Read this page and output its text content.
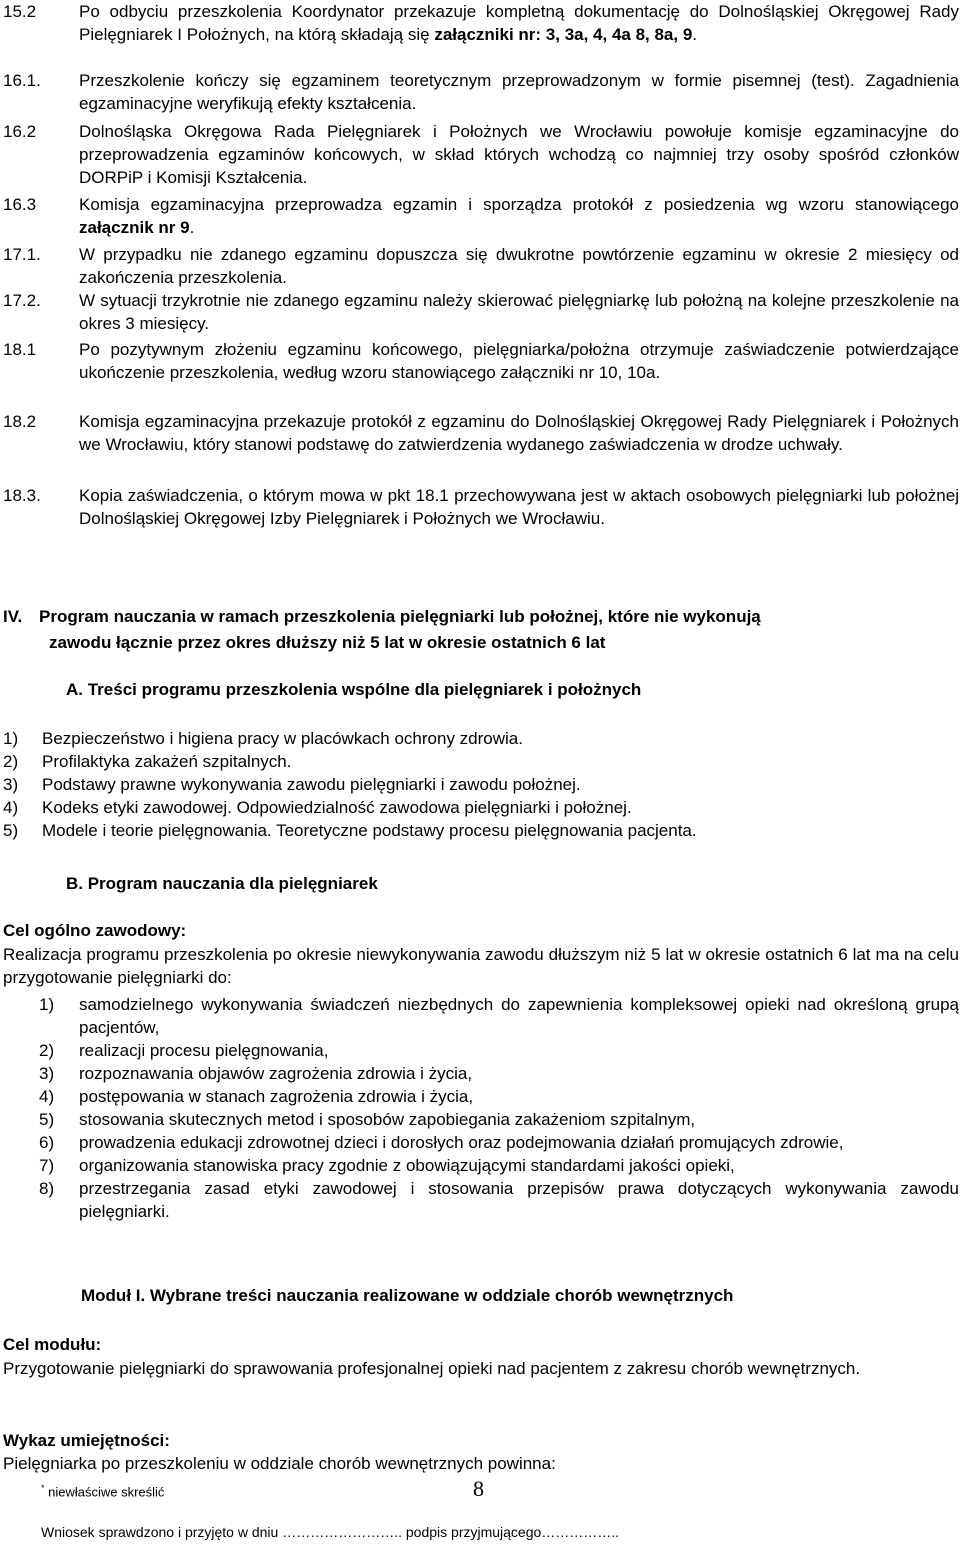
15.2	Po odbyciu przeszkolenia Koordynator przekazuje kompletną dokumentację do Dolnośląskiej Okręgowej Rady Pielęgniarek I Położnych, na którą składają się załączniki nr: 3, 3a, 4, 4a 8, 8a, 9.
16.1. Przeszkolenie kończy się egzaminem teoretycznym przeprowadzonym w formie pisemnej (test). Zagadnienia egzaminacyjne weryfikują efekty kształcenia.
16.2	Dolnośląska Okręgowa Rada Pielęgniarek i Położnych we Wrocławiu powołuje komisje egzaminacyjne do przeprowadzenia egzaminów końcowych, w skład których wchodzą co najmniej trzy osoby spośród członków DORPiP i Komisji Kształcenia.
16.3	Komisja egzaminacyjna przeprowadza egzamin i sporządza protokół z posiedzenia wg wzoru stanowiącego załącznik nr 9.
17.1. W przypadku nie zdanego egzaminu dopuszcza się dwukrotne powtórzenie egzaminu w okresie 2 miesięcy od zakończenia przeszkolenia.
17.2. W sytuacji trzykrotnie nie zdanego egzaminu należy skierować pielęgniarkę lub położną na kolejne przeszkolenie na okres 3 miesięcy.
18.1	Po pozytywnym złożeniu egzaminu końcowego, pielęgniarka/położna otrzymuje zaświadczenie potwierdzające ukończenie przeszkolenia, według wzoru stanowiącego załączniki nr 10, 10a.
18.2	Komisja egzaminacyjna przekazuje protokół z egzaminu do Dolnośląskiej Okręgowej Rady Pielęgniarek i Położnych we Wrocławiu, który stanowi podstawę do zatwierdzenia wydanego zaświadczenia w drodze uchwały.
18.3. Kopia zaświadczenia, o którym mowa w pkt 18.1 przechowywana jest w aktach osobowych pielęgniarki lub położnej Dolnośląskiej Okręgowej Izby Pielęgniarek i Położnych we Wrocławiu.
IV. Program nauczania w ramach przeszkolenia pielęgniarki lub położnej, które nie wykonują
zawodu łącznie przez okres dłuższy niż 5 lat w okresie ostatnich 6 lat
A. Treści programu przeszkolenia wspólne dla pielęgniarek i położnych
1) Bezpieczeństwo i higiena pracy w placówkach ochrony zdrowia.
2) Profilaktyka zakażeń szpitalnych.
3) Podstawy prawne wykonywania zawodu pielęgniarki i zawodu położnej.
4) Kodeks etyki zawodowej. Odpowiedzialność zawodowa pielęgniarki i położnej.
5) Modele i teorie pielęgnowania. Teoretyczne podstawy procesu pielęgnowania pacjenta.
B. Program nauczania dla pielęgniarek
Cel ogólno zawodowy:
Realizacja programu przeszkolenia po okresie niewykonywania zawodu dłuższym niż 5 lat w okresie ostatnich 6 lat ma na celu przygotowanie pielęgniarki do:
1) samodzielnego wykonywania świadczeń niezbędnych do zapewnienia kompleksowej opieki nad określoną grupą pacjentów,
2) realizacji procesu pielęgnowania,
3) rozpoznawania objawów zagrożenia zdrowia i życia,
4) postępowania w stanach zagrożenia zdrowia i życia,
5) stosowania skutecznych metod i sposobów zapobiegania zakażeniom szpitalnym,
6) prowadzenia edukacji zdrowotnej dzieci i dorosłych oraz podejmowania działań promujących zdrowie,
7) organizowania stanowiska pracy zgodnie z obowiązującymi standardami jakości opieki,
8) przestrzegania zasad etyki zawodowej i stosowania przepisów prawa dotyczących wykonywania zawodu pielęgniarki.
Moduł I. Wybrane treści nauczania realizowane w oddziale chorób wewnętrznych
Cel modułu:
Przygotowanie pielęgniarki do sprawowania profesjonalnej opieki nad pacjentem z zakresu chorób wewnętrznych.
Wykaz umiejętności:
Pielęgniarka po przeszkoleniu w oddziale chorób wewnętrznych powinna:
* niewłaściwe skreślić	8
Wniosek sprawdzono i przyjęto w dniu …………………….. podpis przyjmującego……………..
